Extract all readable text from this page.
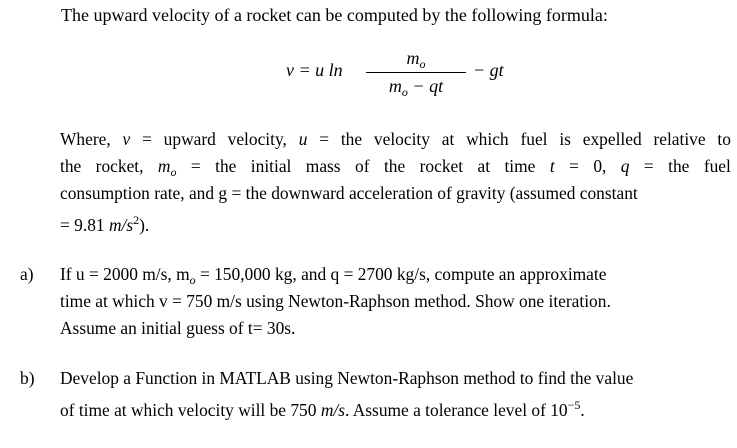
The upward velocity of a rocket can be computed by the following formula:
v = u ln
$m_o$
$m_o$ − qt
− gt
Where, v = upward velocity, u = the velocity at which fuel is expelled relative to
the rocket, $m_o$ = the initial mass of the rocket at time t = 0, q = the fuel
consumption rate, and g = the downward acceleration of gravity (assumed constant
= 9.81 $m/s^2$).
a) If u = 2000 m/s, $m_o = 150,000$ kg, and q = 2700 kg/s, compute an approximate
time at which v = 750 m/s using Newton-Raphson method. Show one iteration.
Assume an initial guess of t= 30s.
b) Develop a Function in MATLAB using Newton-Raphson method to find the value
of time at which velocity will be 750 m/s. Assume a tolerance level of $10^{-5}$.
